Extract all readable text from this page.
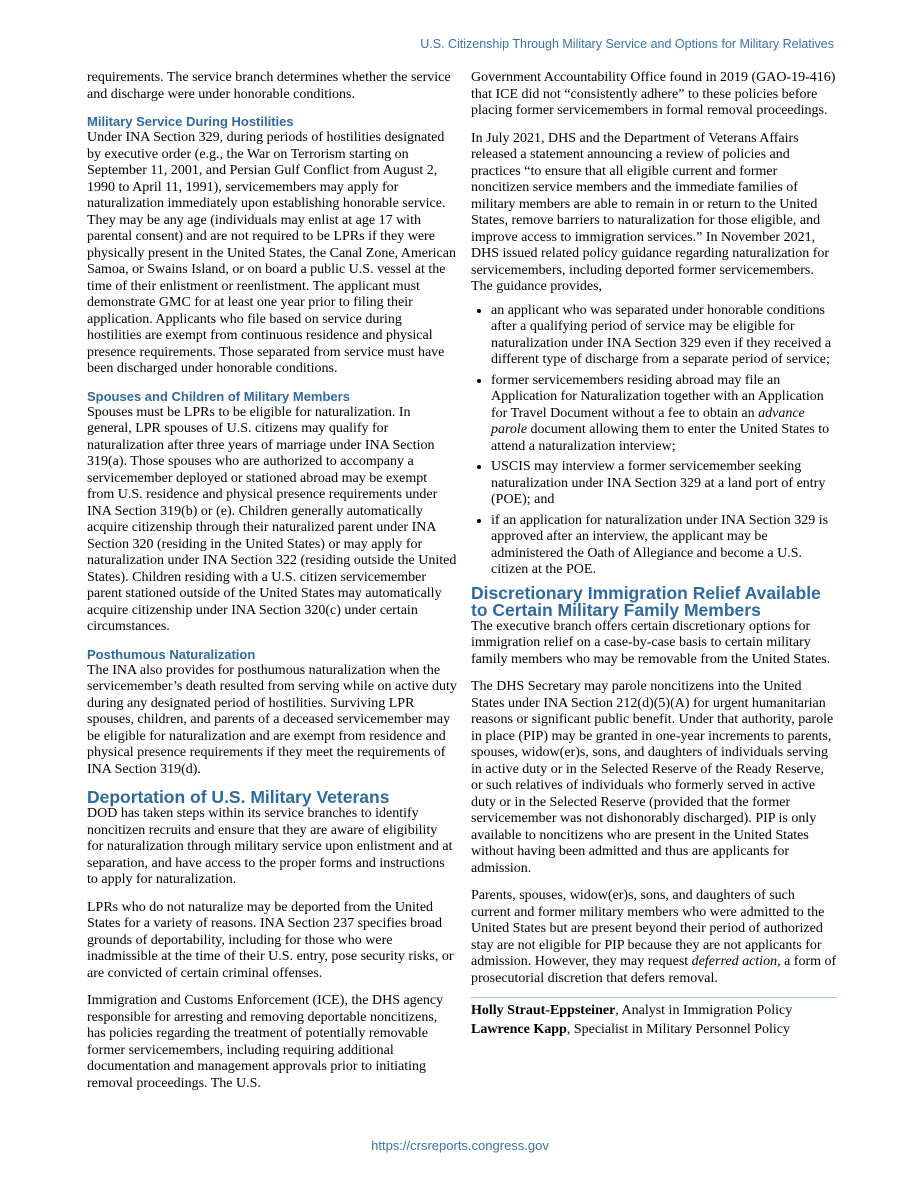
U.S. Citizenship Through Military Service and Options for Military Relatives

requirements. The service branch determines whether the service and discharge were under honorable conditions.

Military Service During Hostilities

Under INA Section 329, during periods of hostilities designated by executive order (e.g., the War on Terrorism starting on September 11, 2001, and Persian Gulf Conflict from August 2, 1990 to April 11, 1991), servicemembers may apply for naturalization immediately upon establishing honorable service. They may be any age (individuals may enlist at age 17 with parental consent) and are not required to be LPRs if they were physically present in the United States, the Canal Zone, American Samoa, or Swains Island, or on board a public U.S. vessel at the time of their enlistment or reenlistment. The applicant must demonstrate GMC for at least one year prior to filing their application. Applicants who file based on service during hostilities are exempt from continuous residence and physical presence requirements. Those separated from service must have been discharged under honorable conditions.

Spouses and Children of Military Members

Spouses must be LPRs to be eligible for naturalization. In general, LPR spouses of U.S. citizens may qualify for naturalization after three years of marriage under INA Section 319(a). Those spouses who are authorized to accompany a servicemember deployed or stationed abroad may be exempt from U.S. residence and physical presence requirements under INA Section 319(b) or (e). Children generally automatically acquire citizenship through their naturalized parent under INA Section 320 (residing in the United States) or may apply for naturalization under INA Section 322 (residing outside the United States). Children residing with a U.S. citizen servicemember parent stationed outside of the United States may automatically acquire citizenship under INA Section 320(c) under certain circumstances.

Posthumous Naturalization

The INA also provides for posthumous naturalization when the servicemember’s death resulted from serving while on active duty during any designated period of hostilities. Surviving LPR spouses, children, and parents of a deceased servicemember may be eligible for naturalization and are exempt from residence and physical presence requirements if they meet the requirements of INA Section 319(d).

Deportation of U.S. Military Veterans

DOD has taken steps within its service branches to identify noncitizen recruits and ensure that they are aware of eligibility for naturalization through military service upon enlistment and at separation, and have access to the proper forms and instructions to apply for naturalization.

LPRs who do not naturalize may be deported from the United States for a variety of reasons. INA Section 237 specifies broad grounds of deportability, including for those who were inadmissible at the time of their U.S. entry, pose security risks, or are convicted of certain criminal offenses.

Immigration and Customs Enforcement (ICE), the DHS agency responsible for arresting and removing deportable noncitizens, has policies regarding the treatment of potentially removable former servicemembers, including requiring additional documentation and management approvals prior to initiating removal proceedings. The U.S.

Government Accountability Office found in 2019 (GAO-19-416) that ICE did not “consistently adhere” to these policies before placing former servicemembers in formal removal proceedings.

In July 2021, DHS and the Department of Veterans Affairs released a statement announcing a review of policies and practices “to ensure that all eligible current and former noncitizen service members and the immediate families of military members are able to remain in or return to the United States, remove barriers to naturalization for those eligible, and improve access to immigration services.” In November 2021, DHS issued related policy guidance regarding naturalization for servicemembers, including deported former servicemembers. The guidance provides,

• an applicant who was separated under honorable conditions after a qualifying period of service may be eligible for naturalization under INA Section 329 even if they received a different type of discharge from a separate period of service;
• former servicemembers residing abroad may file an Application for Naturalization together with an Application for Travel Document without a fee to obtain an advance parole document allowing them to enter the United States to attend a naturalization interview;
• USCIS may interview a former servicemember seeking naturalization under INA Section 329 at a land port of entry (POE); and
• if an application for naturalization under INA Section 329 is approved after an interview, the applicant may be administered the Oath of Allegiance and become a U.S. citizen at the POE.
Discretionary Immigration Relief Available to Certain Military Family Members

The executive branch offers certain discretionary options for immigration relief on a case-by-case basis to certain military family members who may be removable from the United States.

The DHS Secretary may parole noncitizens into the United States under INA Section 212(d)(5)(A) for urgent humanitarian reasons or significant public benefit. Under that authority, parole in place (PIP) may be granted in one-year increments to parents, spouses, widow(er)s, sons, and daughters of individuals serving in active duty or in the Selected Reserve of the Ready Reserve, or such relatives of individuals who formerly served in active duty or in the Selected Reserve (provided that the former servicemember was not dishonorably discharged). PIP is only available to noncitizens who are present in the United States without having been admitted and thus are applicants for admission.

Parents, spouses, widow(er)s, sons, and daughters of such current and former military members who were admitted to the United States but are present beyond their period of authorized stay are not eligible for PIP because they are not applicants for admission. However, they may request deferred action, a form of prosecutorial discretion that defers removal.

Holly Straut-Eppsteiner, Analyst in Immigration Policy
Lawrence Kapp, Specialist in Military Personnel Policy
https://crsreports.congress.gov
